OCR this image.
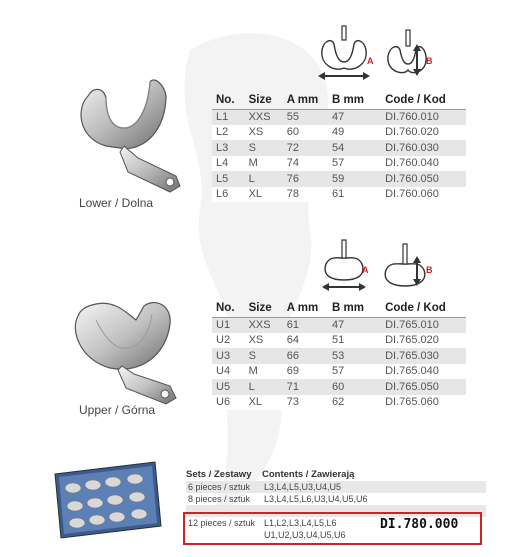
Lower / Dolna
Upper / Górna
A	B
No.	Size	A mm	B mm	Code / Kod
L1	XXS	55	47	DI.760.010
L2	XS	60	49	DI.760.020
L3	S	72	54	DI.760.030
L4	M	74	57	DI.760.040
L5	L	76	59	DI.760.050
L6	XL	78	61	DI.760.060
A	B
No.	Size	A mm	B mm	Code / Kod
U1	XXS	61	47	DI.765.010
U2	XS	64	51	DI.765.020
U3	S	66	53	DI.765.030
U4	M	69	57	DI.765.040
U5	L	71	60	DI.765.050
U6	XL	73	62	DI.765.060
Sets / Zestawy	Contents / Zawierają
6 pieces / sztuk	L3,L4,L5,U3,U4,U5
8 pieces / sztuk	L3,L4,L5,L6,U3,U4,U5,U6

12 pieces / sztuk	L1,L2,L3,L4,L5,L6
	U1,U2,U3,U4,U5,U6
DI.780.000
